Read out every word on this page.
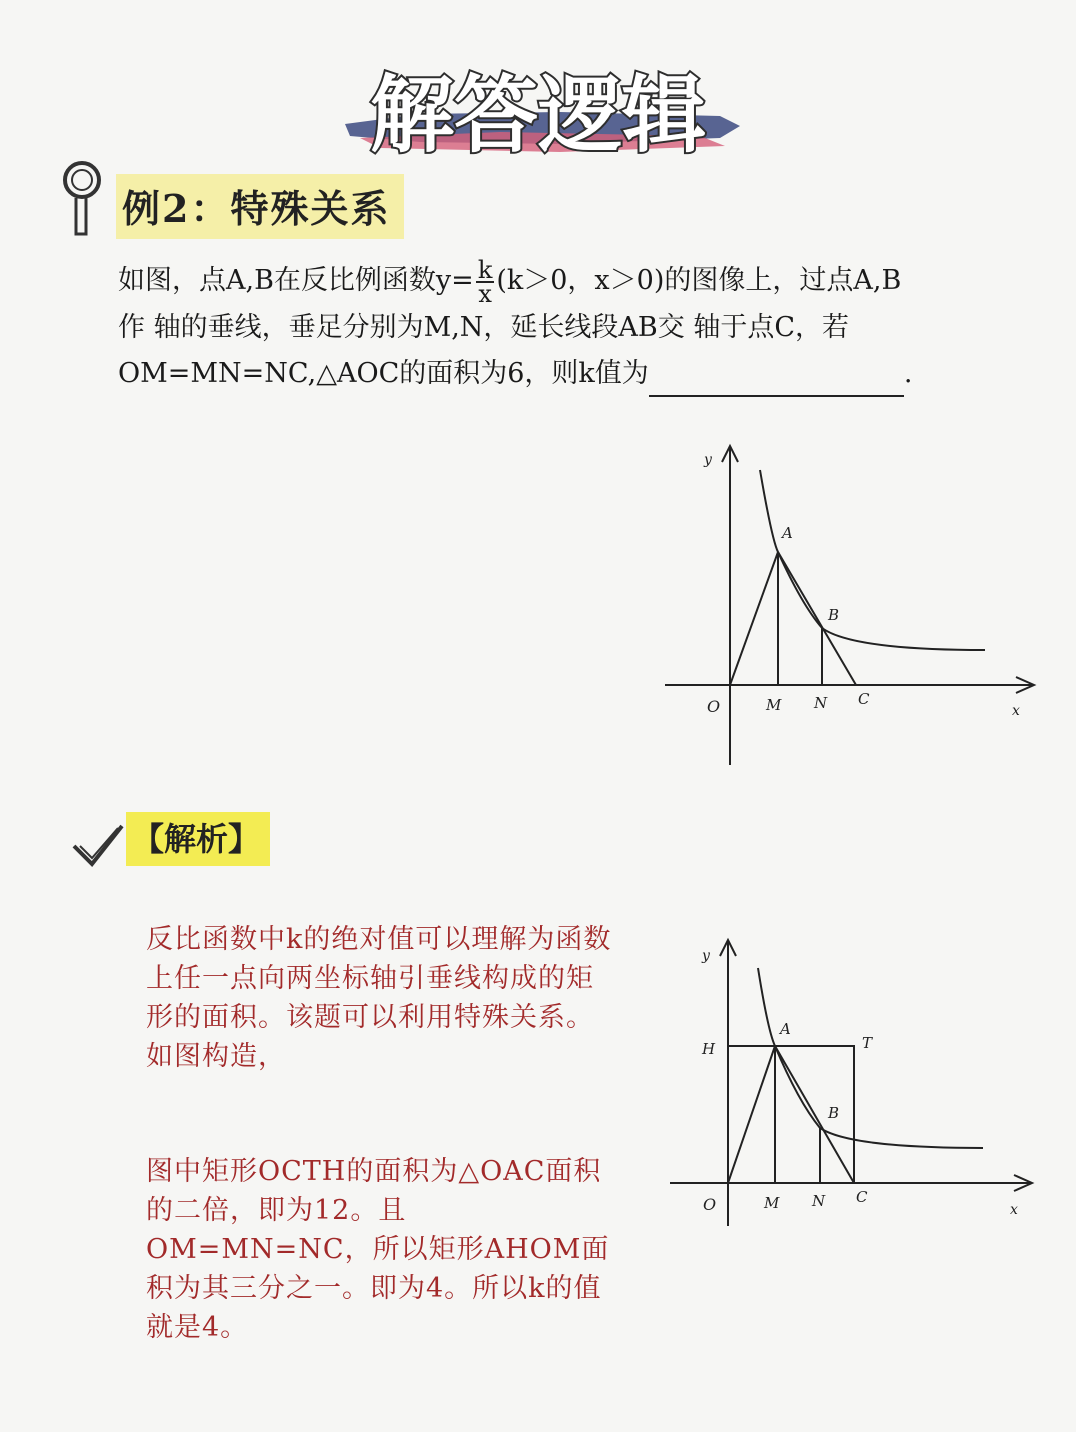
解答逻辑
例2：特殊关系
如图，点A,B在反比例函数$y= \frac{k}{x} (k>0$，x＞0)的图像上，过点A,B
作 轴的垂线，垂足分别为M,N，延长线段AB交 轴于点C，若
OM=MN=NC,△AOC的面积为6，则k值为	.
y
x
O	M N C
A
B
【解析】
反比函数中k的绝对值可以理解为函数上任一点向两坐标轴引垂线构成的矩形的面积。该题可以利用特殊关系。如图构造，
图中矩形OCTH的面积为△OAC面积的二倍，即为12。且OM=MN=NC，所以矩形AHOM面积为其三分之一。即为4。所以k的值就是4。
y
x
O	M N C
A
B
H	T
